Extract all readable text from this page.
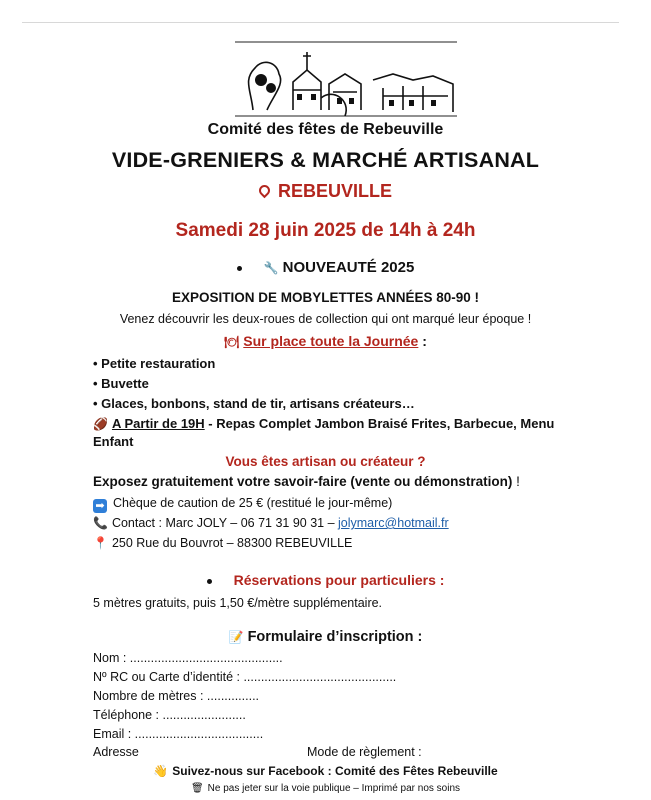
Comité des fêtes de Rebeuville
VIDE-GRENIERS & MARCHÉ ARTISANAL
REBEUVILLE
Samedi 28 juin 2025 de 14h à 24h
🔧 NOUVEAUTÉ 2025
EXPOSITION DE MOBYLETTES ANNÉES 80-90 !
Venez découvrir les deux-roues de collection qui ont marqué leur époque !
🍽 Sur place toute la Journée :
• Petite restauration
• Buvette
• Glaces, bonbons, stand de tir, artisans créateurs…
🏈 A Partir de 19H - Repas Complet Jambon Braisé Frites, Barbecue, Menu
Enfant
Vous êtes artisan ou créateur ?
Exposez gratuitement votre savoir-faire (vente ou démonstration) !
➡ Chèque de caution de 25 € (restitué le jour-même)
📞 Contact : Marc JOLY – 06 71 31 90 31 – jolymarc@hotmail.fr
📍 250 Rue du Bouvrot – 88300 REBEUVILLE
Réservations pour particuliers :
5 mètres gratuits, puis 1,50 €/mètre supplémentaire.
📝 Formulaire d’inscription :
Nom : ............................................
Nº RC ou Carte d’identité : ............................................
Nombre de mètres : ...............
Téléphone : ........................
Email : .....................................
Adresse	Mode de règlement :
👋 Suivez-nous sur Facebook : Comité des Fêtes Rebeuville
🗑 Ne pas jeter sur la voie publique – Imprimé par nos soins
